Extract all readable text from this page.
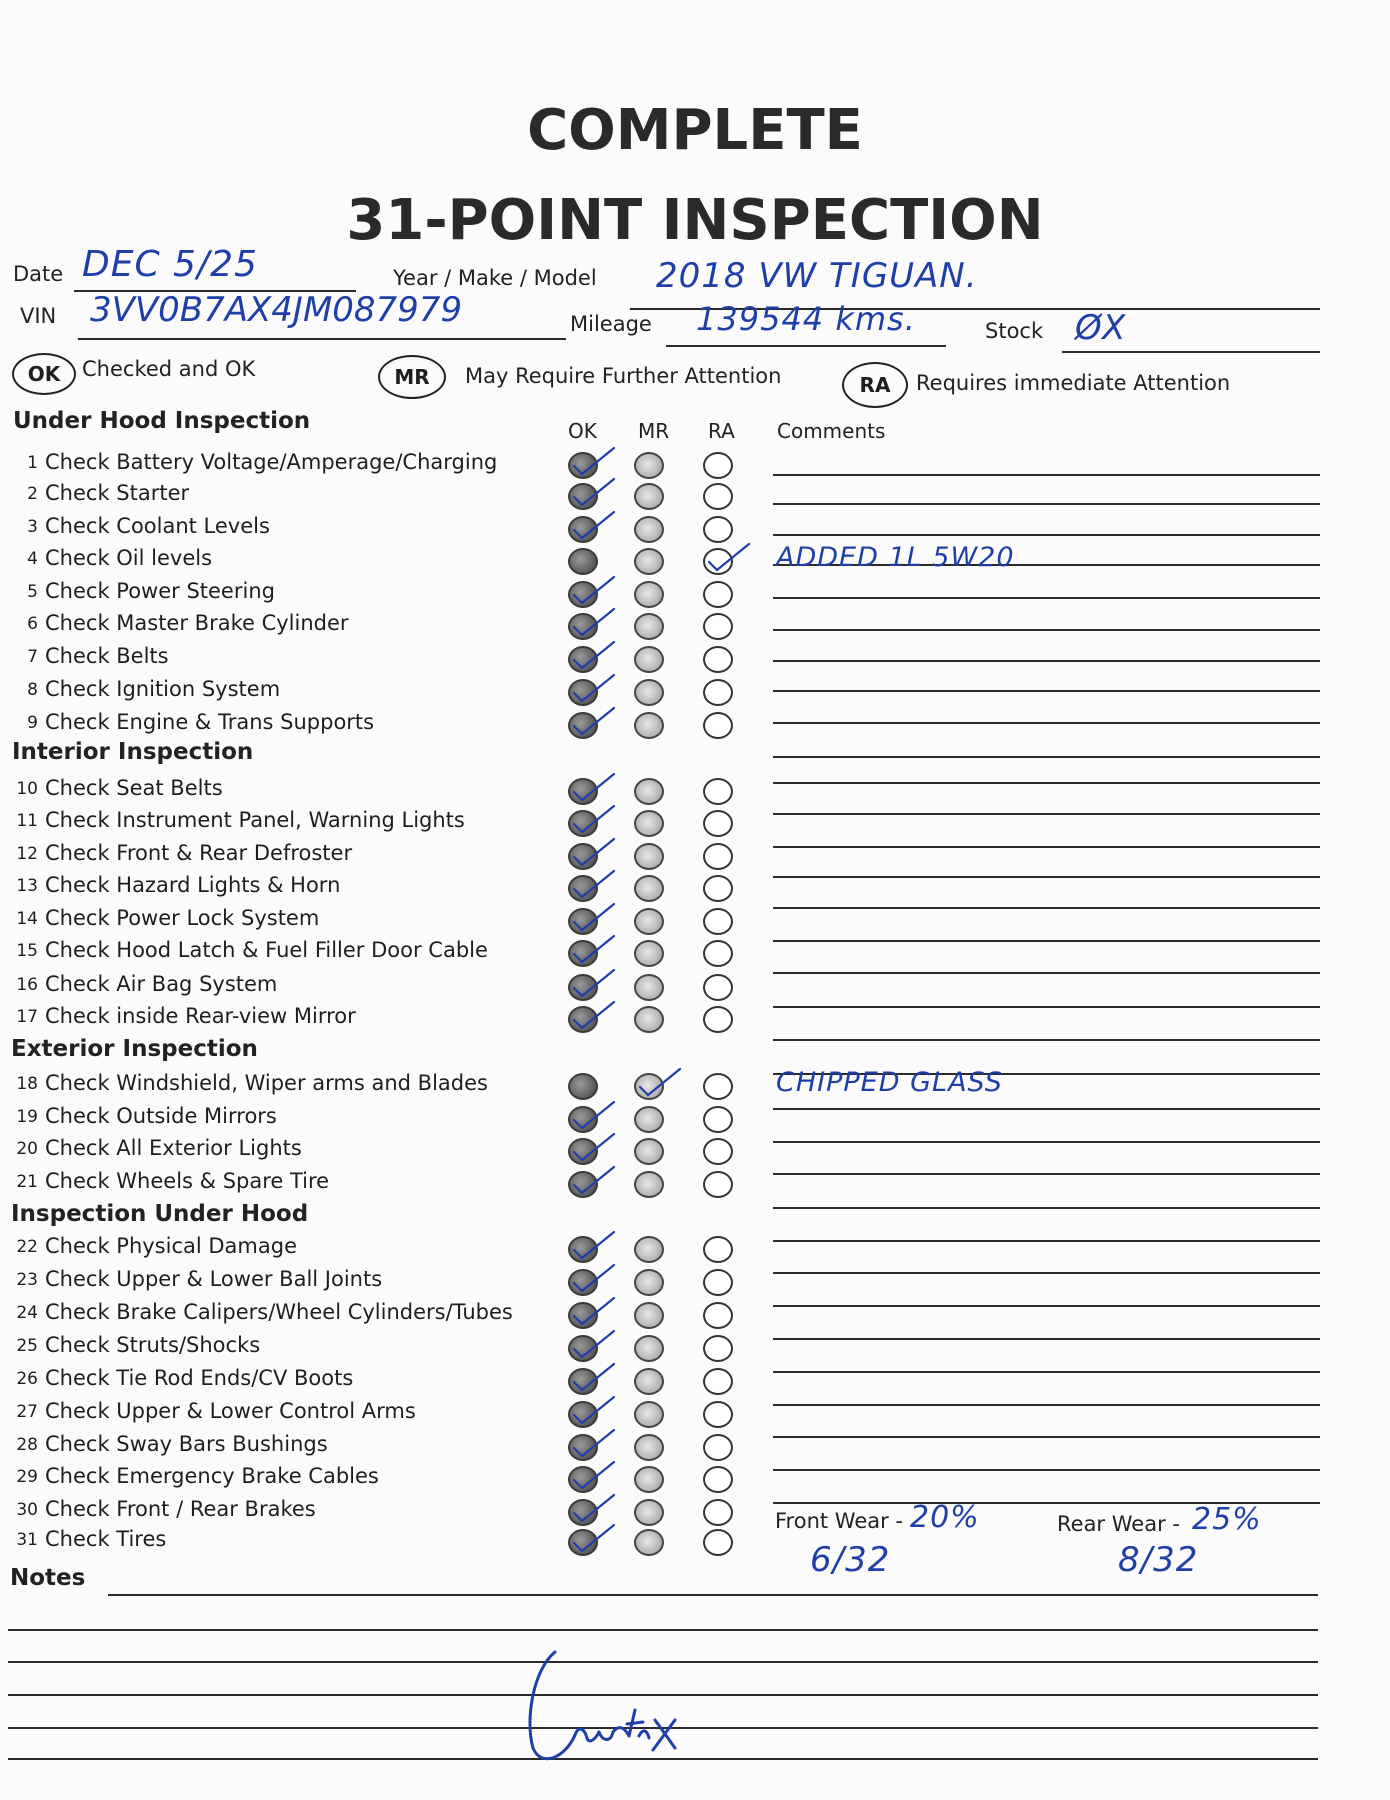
COMPLETE
31-POINT INSPECTION
Date DEC 5/25	Year / Make / Model 2018 VW TIGUAN.
VIN 3VV0B7AX4JM087979	Mileage 139544 kms.	Stock ØX
OK	Checked and OK	MR	May Require Further Attention	RA	Requires immediate Attention
OK MR RA Comments
Under Hood Inspection
Interior Inspection
Exterior Inspection
Inspection Under Hood
1 Check Battery Voltage/Amperage/Charging
2 Check Starter
3 Check Coolant Levels
4 Check Oil levels	ADDED 1L 5W20
5 Check Power Steering
6 Check Master Brake Cylinder
7 Check Belts
8 Check Ignition System
9 Check Engine & Trans Supports
10 Check Seat Belts
11 Check Instrument Panel, Warning Lights
12 Check Front & Rear Defroster
13 Check Hazard Lights & Horn
14 Check Power Lock System
15 Check Hood Latch & Fuel Filler Door Cable
16 Check Air Bag System
17 Check inside Rear-view Mirror
18 Check Windshield, Wiper arms and Blades	CHIPPED GLASS
19 Check Outside Mirrors
20 Check All Exterior Lights
21 Check Wheels & Spare Tire
22 Check Physical Damage
23 Check Upper & Lower Ball Joints
24 Check Brake Calipers/Wheel Cylinders/Tubes
25 Check Struts/Shocks
26 Check Tie Rod Ends/CV Boots
27 Check Upper & Lower Control Arms
28 Check Sway Bars Bushings
29 Check Emergency Brake Cables
30 Check Front / Rear Brakes
31 Check Tires
Front Wear - 20%	Rear Wear - 25%
6/32	8/32
Notes
